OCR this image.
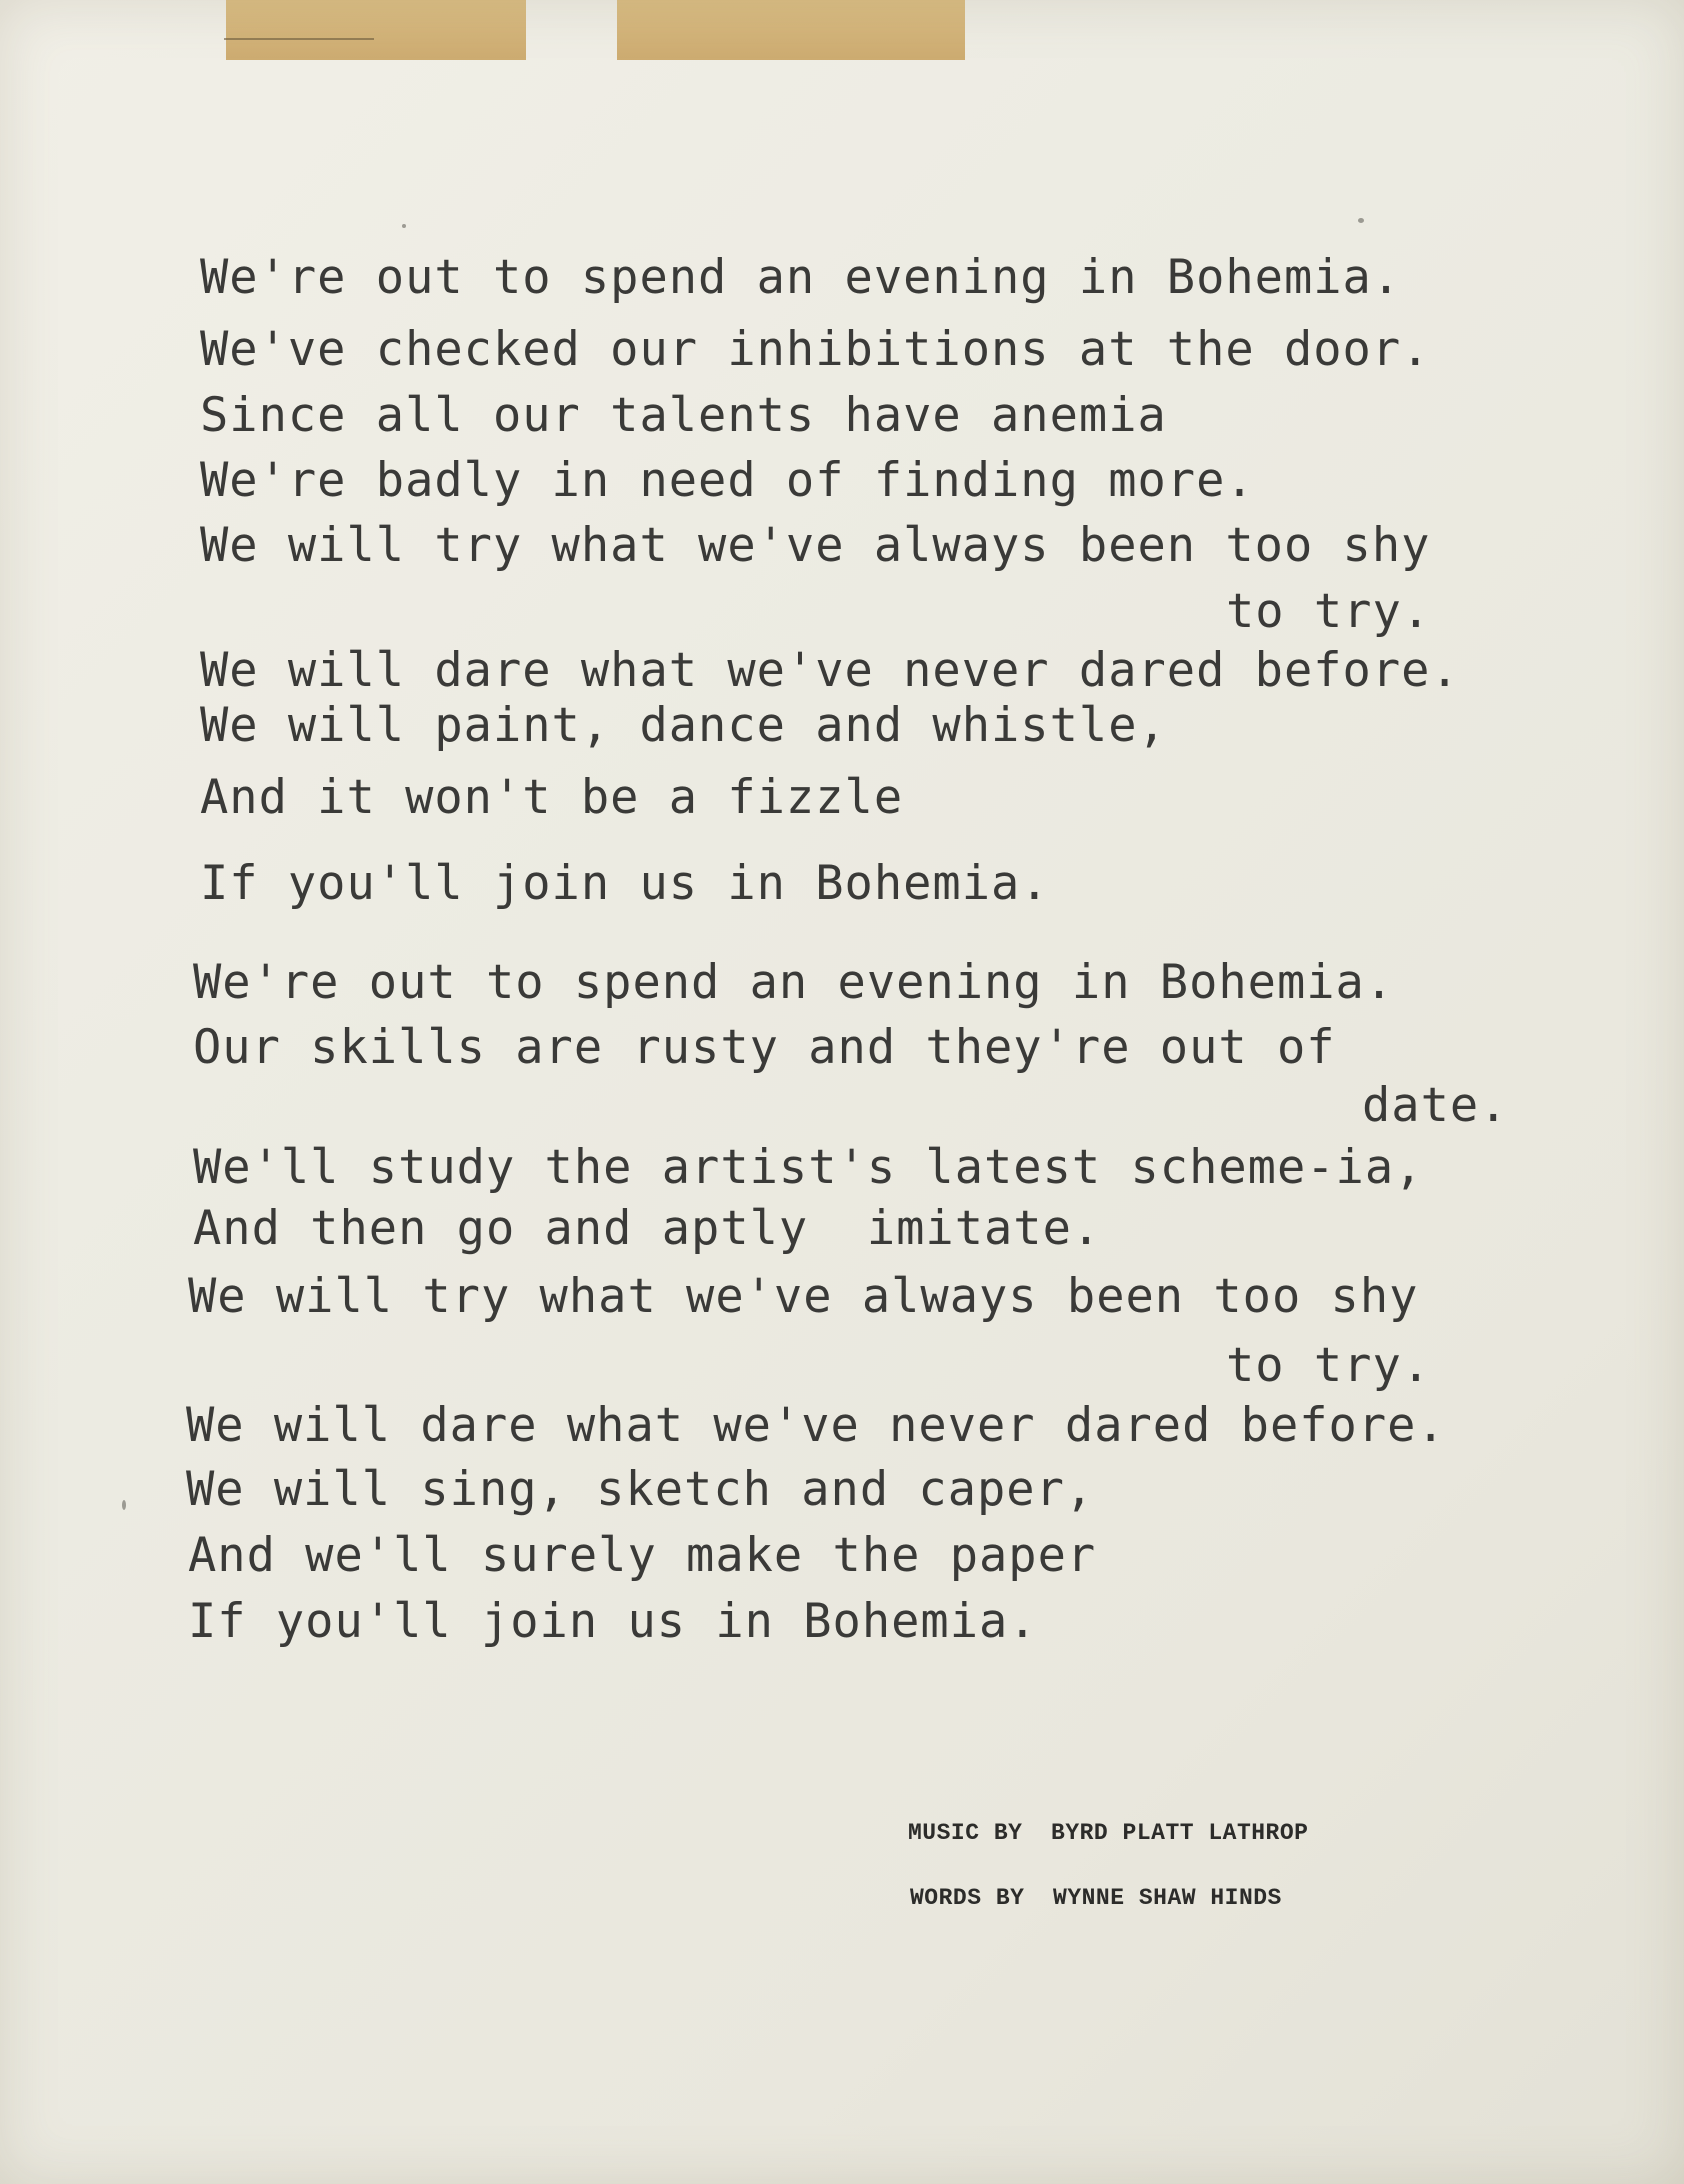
We're out to spend an evening in Bohemia.
We've checked our inhibitions at the door.
Since all our talents have anemia
We're badly in need of finding more.
We will try what we've always been too shy
to try.
We will dare what we've never dared before.
We will paint, dance and whistle,
And it won't be a fizzle
If you'll join us in Bohemia.
We're out to spend an evening in Bohemia.
Our skills are rusty and they're out of
date.
We'll study the artist's latest scheme-ia,
And then go and aptly  imitate.
We will try what we've always been too shy
to try.
We will dare what we've never dared before.
We will sing, sketch and caper,
And we'll surely make the paper
If you'll join us in Bohemia.
MUSIC BY  BYRD PLATT LATHROP
WORDS BY  WYNNE SHAW HINDS
